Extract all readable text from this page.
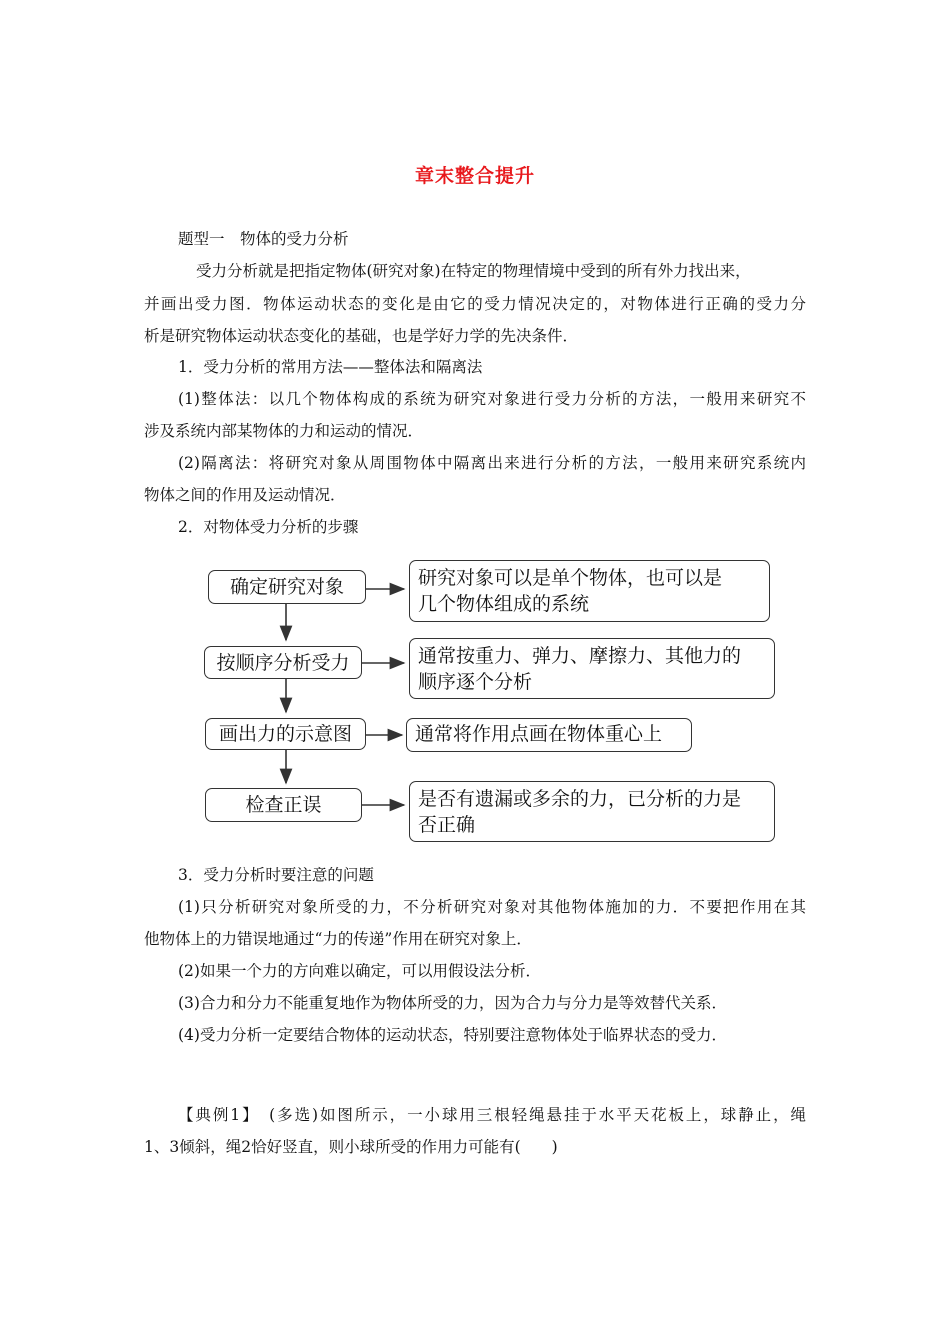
章末整合提升
题型一　物体的受力分析
受力分析就是把指定物体(研究对象)在特定的物理情境中受到的所有外力找出来，
并画出受力图．物体运动状态的变化是由它的受力情况决定的，对物体进行正确的受力分
析是研究物体运动状态变化的基础，也是学好力学的先决条件．
1．受力分析的常用方法——整体法和隔离法
(1)整体法：以几个物体构成的系统为研究对象进行受力分析的方法，一般用来研究不
涉及系统内部某物体的力和运动的情况．
(2)隔离法：将研究对象从周围物体中隔离出来进行分析的方法，一般用来研究系统内
物体之间的作用及运动情况．
2．对物体受力分析的步骤
确定研究对象
按顺序分析受力
画出力的示意图
检查正误
研究对象可以是单个物体，也可以是
几个物体组成的系统
通常按重力、弹力、摩擦力、其他力的
顺序逐个分析
通常将作用点画在物体重心上
是否有遗漏或多余的力，已分析的力是
否正确
3．受力分析时要注意的问题
(1)只分析研究对象所受的力，不分析研究对象对其他物体施加的力．不要把作用在其
他物体上的力错误地通过“力的传递”作用在研究对象上．
(2)如果一个力的方向难以确定，可以用假设法分析．
(3)合力和分力不能重复地作为物体所受的力，因为合力与分力是等效替代关系．
(4)受力分析一定要结合物体的运动状态，特别要注意物体处于临界状态的受力．
【典例1】　(多选)如图所示，一小球用三根轻绳悬挂于水平天花板上，球静止，绳
1、3倾斜，绳2恰好竖直，则小球所受的作用力可能有(　　)
